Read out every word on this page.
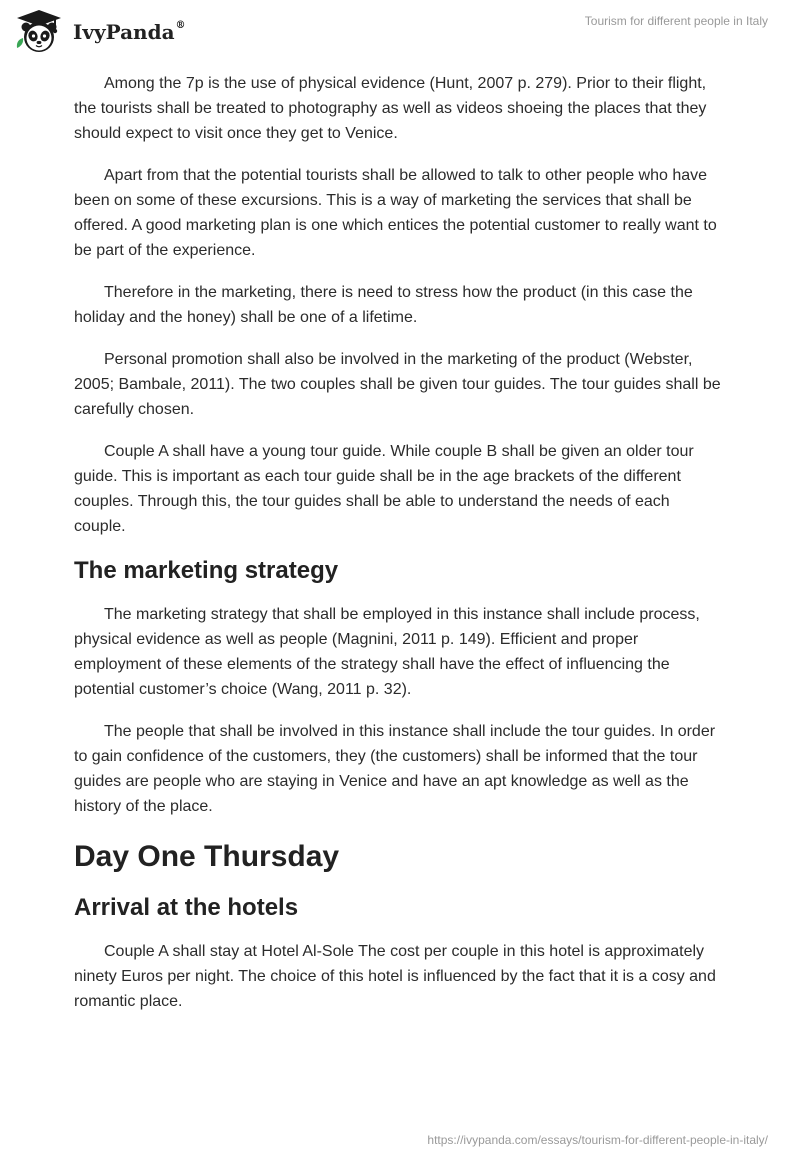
IvyPanda®	Tourism for different people in Italy

Among the 7p is the use of physical evidence (Hunt, 2007 p. 279). Prior to their flight, the tourists shall be treated to photography as well as videos shoeing the places that they should expect to visit once they get to Venice.

Apart from that the potential tourists shall be allowed to talk to other people who have been on some of these excursions. This is a way of marketing the services that shall be offered. A good marketing plan is one which entices the potential customer to really want to be part of the experience.

Therefore in the marketing, there is need to stress how the product (in this case the holiday and the honey) shall be one of a lifetime.

Personal promotion shall also be involved in the marketing of the product (Webster, 2005; Bambale, 2011). The two couples shall be given tour guides. The tour guides shall be carefully chosen.

Couple A shall have a young tour guide. While couple B shall be given an older tour guide. This is important as each tour guide shall be in the age brackets of the different couples. Through this, the tour guides shall be able to understand the needs of each couple.

The marketing strategy

The marketing strategy that shall be employed in this instance shall include process, physical evidence as well as people (Magnini, 2011 p. 149). Efficient and proper employment of these elements of the strategy shall have the effect of influencing the potential customer’s choice (Wang, 2011 p. 32).

The people that shall be involved in this instance shall include the tour guides. In order to gain confidence of the customers, they (the customers) shall be informed that the tour guides are people who are staying in Venice and have an apt knowledge as well as the history of the place.

Day One Thursday
Arrival at the hotels

Couple A shall stay at Hotel Al-Sole The cost per couple in this hotel is approximately ninety Euros per night. The choice of this hotel is influenced by the fact that it is a cosy and romantic place.

https://ivypanda.com/essays/tourism-for-different-people-in-italy/
